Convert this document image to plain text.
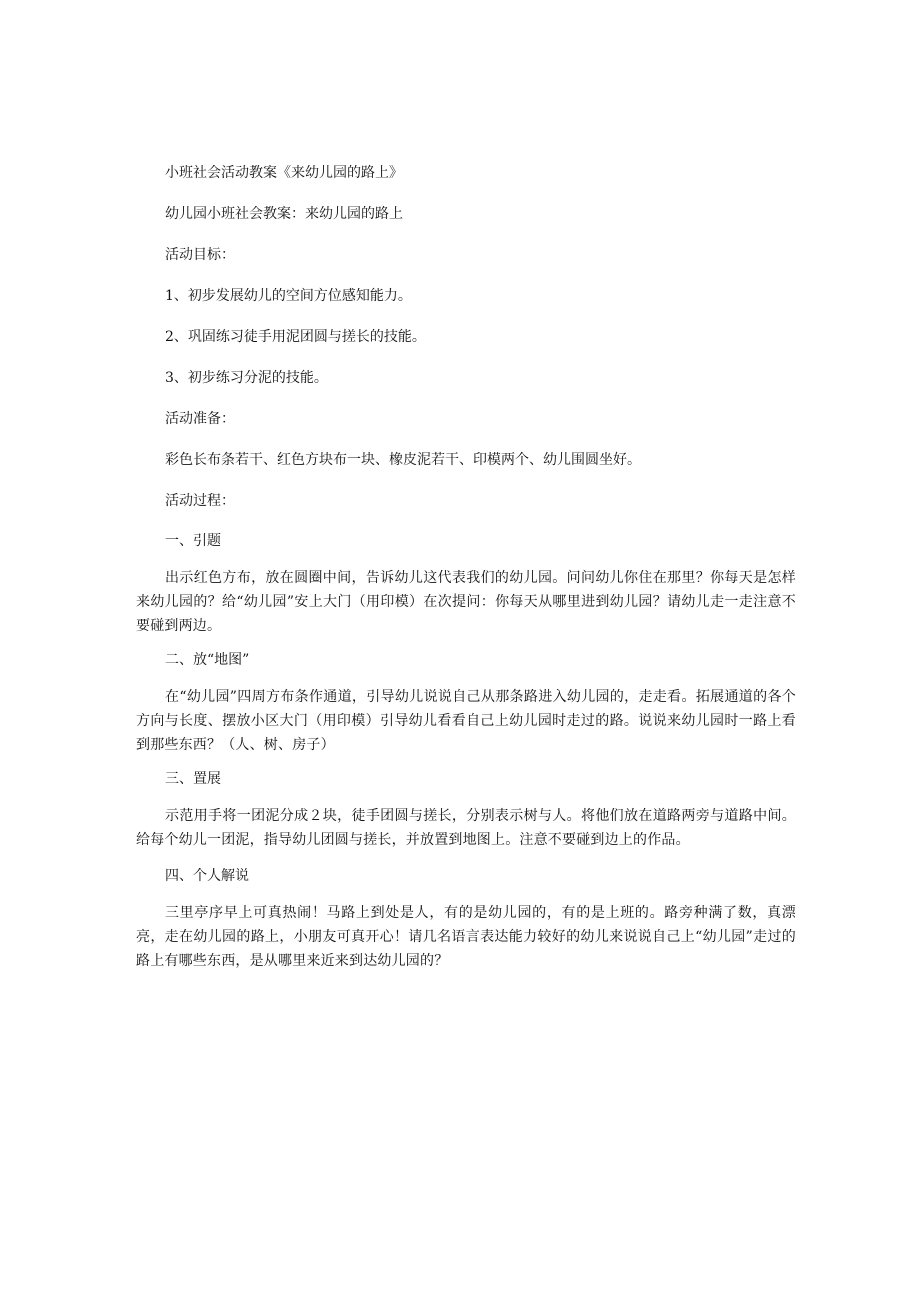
小班社会活动教案《来幼儿园的路上》
幼儿园小班社会教案：来幼儿园的路上
活动目标：
1、初步发展幼儿的空间方位感知能力。
2、巩固练习徒手用泥团圆与搓长的技能。
3、初步练习分泥的技能。
活动准备：
彩色长布条若干、红色方块布一块、橡皮泥若干、印模两个、幼儿围圆坐好。
活动过程：
一、引题
出示红色方布，放在圆圈中间，告诉幼儿这代表我们的幼儿园。问问幼儿你住在那里？你每天是怎样来幼儿园的？给“幼儿园”安上大门（用印模）在次提问：你每天从哪里进到幼儿园？请幼儿走一走注意不要碰到两边。
二、放“地图”
在“幼儿园”四周方布条作通道，引导幼儿说说自己从那条路进入幼儿园的，走走看。拓展通道的各个方向与长度、摆放小区大门（用印模）引导幼儿看看自己上幼儿园时走过的路。说说来幼儿园时一路上看到那些东西？（人、树、房子）
三、置展
示范用手将一团泥分成２块，徒手团圆与搓长，分别表示树与人。将他们放在道路两旁与道路中间。给每个幼儿一团泥，指导幼儿团圆与搓长，并放置到地图上。注意不要碰到边上的作品。
四、个人解说
三里亭序早上可真热闹！马路上到处是人，有的是幼儿园的，有的是上班的。路旁种满了数，真漂亮，走在幼儿园的路上，小朋友可真开心！请几名语言表达能力较好的幼儿来说说自己上“幼儿园”走过的路上有哪些东西，是从哪里来近来到达幼儿园的？
